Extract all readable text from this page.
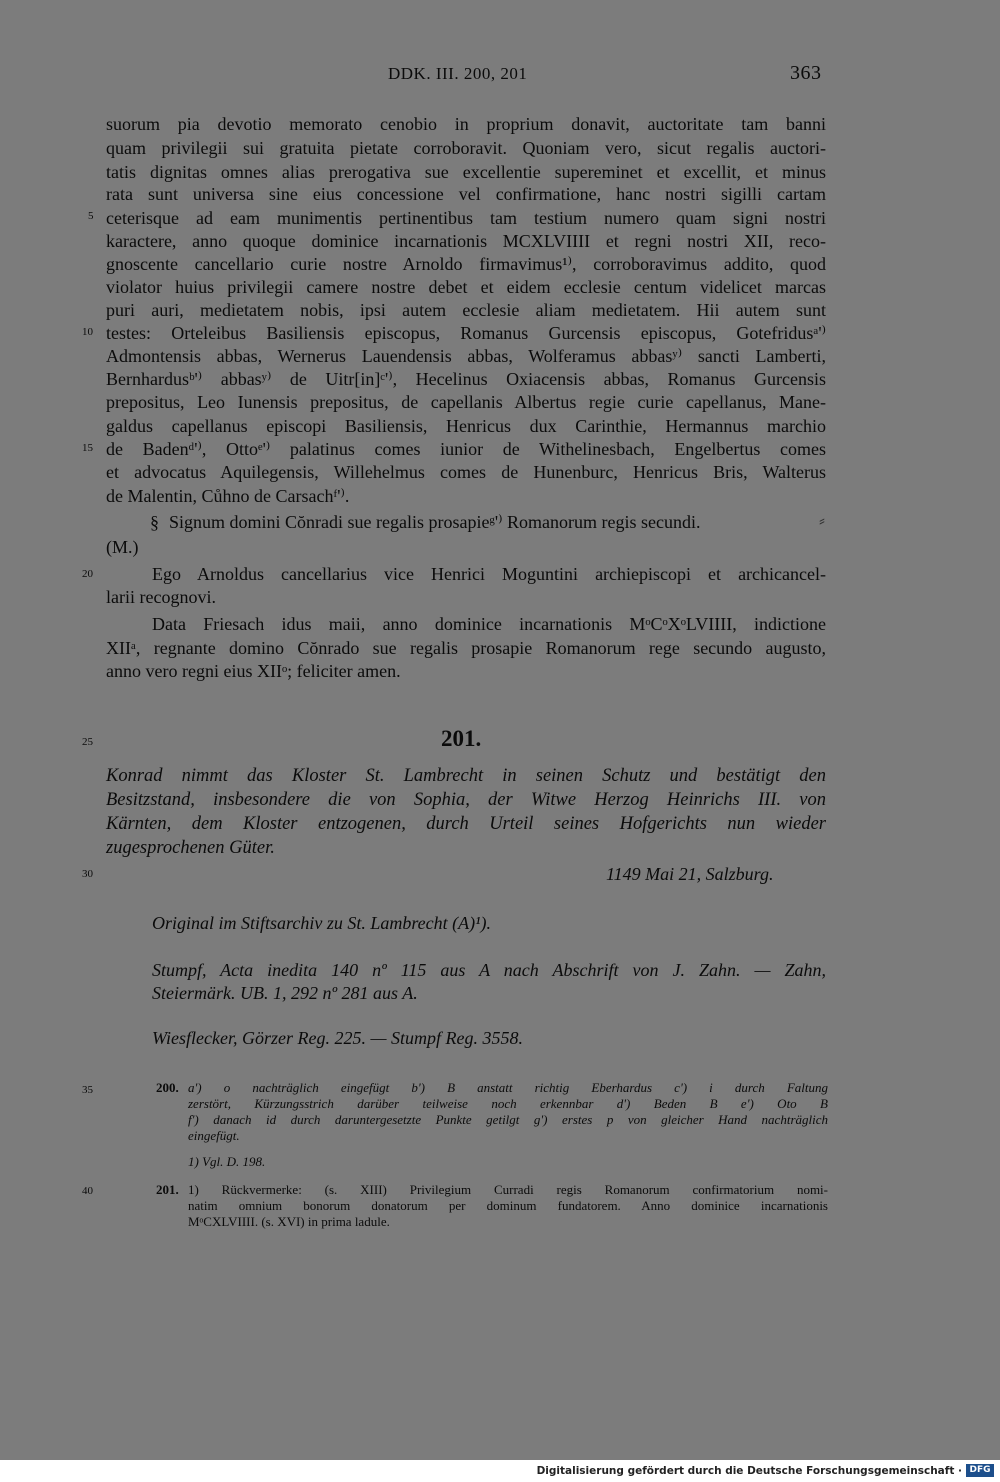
DDK. III. 200, 201	363
suorum pia devotio memorato cenobio in proprium donavit, auctoritate tam banni
quam privilegii sui gratuita pietate corroboravit. Quoniam vero, sicut regalis auctori-
tatis dignitas omnes alias prerogativa sue excellentie supereminet et excellit, et minus
rata sunt universa sine eius concessione vel confirmatione, hanc nostri sigilli cartam
ceterisque ad eam munimentis pertinentibus tam testium numero quam signi nostri
karactere, anno quoque dominice incarnationis MCXLVIIII et regni nostri XII, reco-
gnoscente cancellario curie nostre Arnoldo firmavimus¹⁾, corroboravimus addito, quod
violator huius privilegii camere nostre debet et eidem ecclesie centum videlicet marcas
puri auri, medietatem nobis, ipsi autem ecclesie aliam medietatem. Hii autem sunt
testes: Orteleibus Basiliensis episcopus, Romanus Gurcensis episcopus, Gotefridusᵃ'⁾
Admontensis abbas, Wernerus Lauendensis abbas, Wolferamus abbasʸ⁾ sancti Lamberti,
Bernhardusᵇ'⁾ abbasʸ⁾ de Uitr[in]ᶜ'⁾, Hecelinus Oxiacensis abbas, Romanus Gurcensis
prepositus, Leo Iunensis prepositus, de capellanis Albertus regie curie capellanus, Mane-
galdus capellanus episcopi Basiliensis, Henricus dux Carinthie, Hermannus marchio
de Badenᵈ'⁾, Ottoᵉ'⁾ palatinus comes iunior de Withelinesbach, Engelbertus comes
et advocatus Aquilegensis, Willehelmus comes de Hunenburc, Henricus Bris, Walterus
de Malentin, Cůhno de Carsachᶠ'⁾.
§ Signum domini Cŏnradi sue regalis prosapieᵍ'⁾ Romanorum regis secundi.	⸗
(M.)
Ego Arnoldus cancellarius vice Henrici Moguntini archiepiscopi et archicancel-
larii recognovi.
Data Friesach idus maii, anno dominice incarnationis MᵒCᵒXᵒLVIIII, indictione
XIIᵃ, regnante domino Cŏnrado sue regalis prosapie Romanorum rege secundo augusto,
anno vero regni eius XIIᵒ; feliciter amen.
201.
Konrad nimmt das Kloster St. Lambrecht in seinen Schutz und bestätigt den
Besitzstand, insbesondere die von Sophia, der Witwe Herzog Heinrichs III. von
Kärnten, dem Kloster entzogenen, durch Urteil seines Hofgerichts nun wieder
zugesprochenen Güter.
1149 Mai 21, Salzburg.
Original im Stiftsarchiv zu St. Lambrecht (A)¹).
Stumpf, Acta inedita 140 nº 115 aus A nach Abschrift von J. Zahn. — Zahn,
Steiermärk. UB. 1, 292 nº 281 aus A.
Wiesflecker, Görzer Reg. 225. — Stumpf Reg. 3558.
5
10
15
20
25
30
35
40
200. a') o nachträglich eingefügt b') B anstatt richtig Eberhardus c') i durch Faltung
zerstört, Kürzungsstrich darüber teilweise noch erkennbar d') Beden B e') Oto B
f') danach id durch daruntergesetzte Punkte getilgt g') erstes p von gleicher Hand nachträglich
eingefügt.
1) Vgl. D. 198.
201. 1) Rückvermerke: (s. XIII) Privilegium Curradi regis Romanorum confirmatorium nomi-
natim omnium bonorum donatorum per dominum fundatorem. Anno dominice incarnationis
MᵒCXLVIIII. (s. XVI) in prima ladule.
Digitalisierung gefördert durch die Deutsche Forschungsgemeinschaft · DFG
